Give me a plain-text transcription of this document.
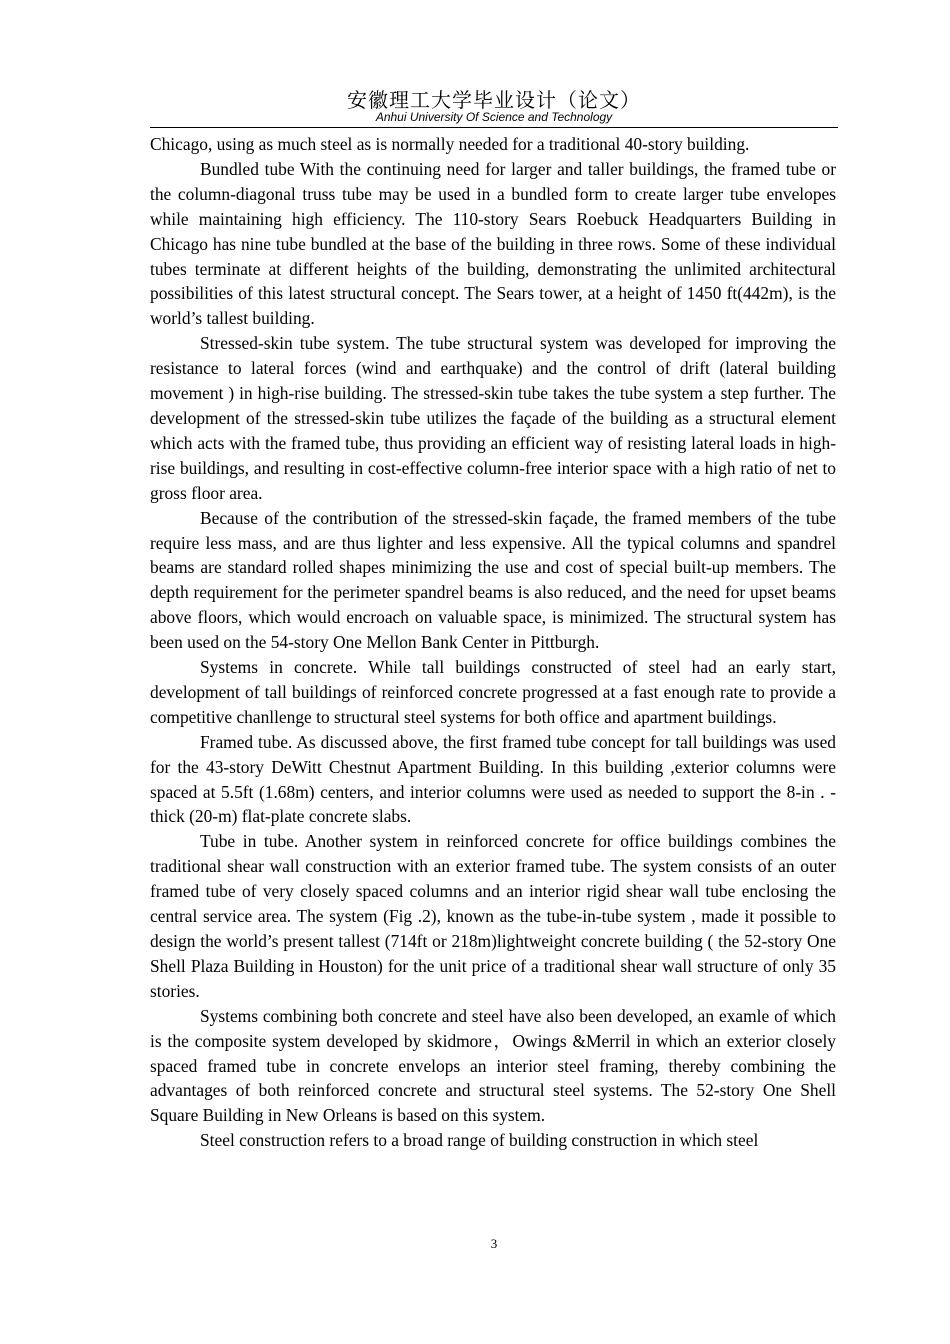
安徽理工大学毕业设计（论文）
Anhui University Of Science and Technology

Chicago, using as much steel as is normally needed for a traditional 40-story building.

Bundled tube With the continuing need for larger and taller buildings, the framed tube or the column-diagonal truss tube may be used in a bundled form to create larger tube envelopes while maintaining high efficiency. The 110-story Sears Roebuck Headquarters Building in Chicago has nine tube bundled at the base of the building in three rows. Some of these individual tubes terminate at different heights of the building, demonstrating the unlimited architectural possibilities of this latest structural concept. The Sears tower, at a height of 1450 ft(442m), is the world’s tallest building.

Stressed-skin tube system. The tube structural system was developed for improving the resistance to lateral forces (wind and earthquake) and the control of drift (lateral building movement ) in high-rise building. The stressed-skin tube takes the tube system a step further. The development of the stressed-skin tube utilizes the façade of the building as a structural element which acts with the framed tube, thus providing an efficient way of resisting lateral loads in high-rise buildings, and resulting in cost-effective column-free interior space with a high ratio of net to gross floor area.

Because of the contribution of the stressed-skin façade, the framed members of the tube require less mass, and are thus lighter and less expensive. All the typical columns and spandrel beams are standard rolled shapes minimizing the use and cost of special built-up members. The depth requirement for the perimeter spandrel beams is also reduced, and the need for upset beams above floors, which would encroach on valuable space, is minimized. The structural system has been used on the 54-story One Mellon Bank Center in Pittburgh.

Systems in concrete. While tall buildings constructed of steel had an early start, development of tall buildings of reinforced concrete progressed at a fast enough rate to provide a competitive chanllenge to structural steel systems for both office and apartment buildings.

Framed tube. As discussed above, the first framed tube concept for tall buildings was used for the 43-story DeWitt Chestnut Apartment Building. In this building ,exterior columns were spaced at 5.5ft (1.68m) centers, and interior columns were used as needed to support the 8-in . -thick (20-m) flat-plate concrete slabs.

Tube in tube. Another system in reinforced concrete for office buildings combines the traditional shear wall construction with an exterior framed tube. The system consists of an outer framed tube of very closely spaced columns and an interior rigid shear wall tube enclosing the central service area. The system (Fig .2), known as the tube-in-tube system , made it possible to design the world’s present tallest (714ft or 218m)lightweight concrete building ( the 52-story One Shell Plaza Building in Houston) for the unit price of a traditional shear wall structure of only 35 stories.

Systems combining both concrete and steel have also been developed, an examle of which is the composite system developed by skidmore，Owings &Merril in which an exterior closely spaced framed tube in concrete envelops an interior steel framing, thereby combining the advantages of both reinforced concrete and structural steel systems. The 52-story One Shell Square Building in New Orleans is based on this system.

Steel construction refers to a broad range of building construction in which steel

3
